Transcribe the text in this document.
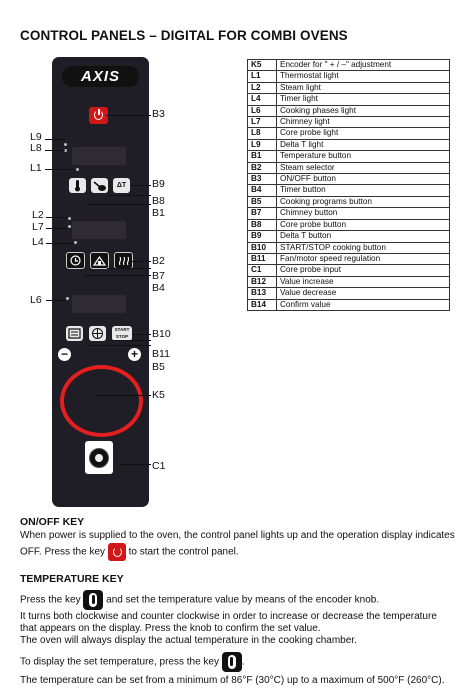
CONTROL PANELS – DIGITAL FOR COMBI OVENS
AXIS
ΔT
START STOP
−	+
B3
L9
L8
L1
B9
B8
B1
L2
L7
L4
B2
B7
B4
L6
B10
B11
B5
K5
C1
K5	Encoder for " + / –" adjustment
L1	Thermostat light
L2	Steam light
L4	Timer light
L6	Cooking phases light
L7	Chimney light
L8	Core probe light
L9	Delta T light
B1	Temperature button
B2	Steam selector
B3	ON/OFF button
B4	Timer button
B5	Cooking programs button
B7	Chimney button
B8	Core probe button
B9	Delta T button
B10	START/STOP cooking button
B11	Fan/motor speed regulation
C1	Core probe input
B12	Value increase
B13	Value decrease
B14	Confirm value
ON/OFF KEY
When power is supplied to the oven, the control panel lights up and the operation display indicates
OFF. Press the key to start the control panel.
TEMPERATURE KEY
Press the key	and set the temperature value by means of the encoder knob.
It turns both clockwise and counter clockwise in order to increase or decrease the temperature
that appears on the display. Press the knob to confirm the set value.
The oven will always display the actual temperature in the cooking chamber.
To display the set temperature, press the key .
The temperature can be set from a minimum of 86°F (30°C) up to a maximum of 500°F (260°C).
